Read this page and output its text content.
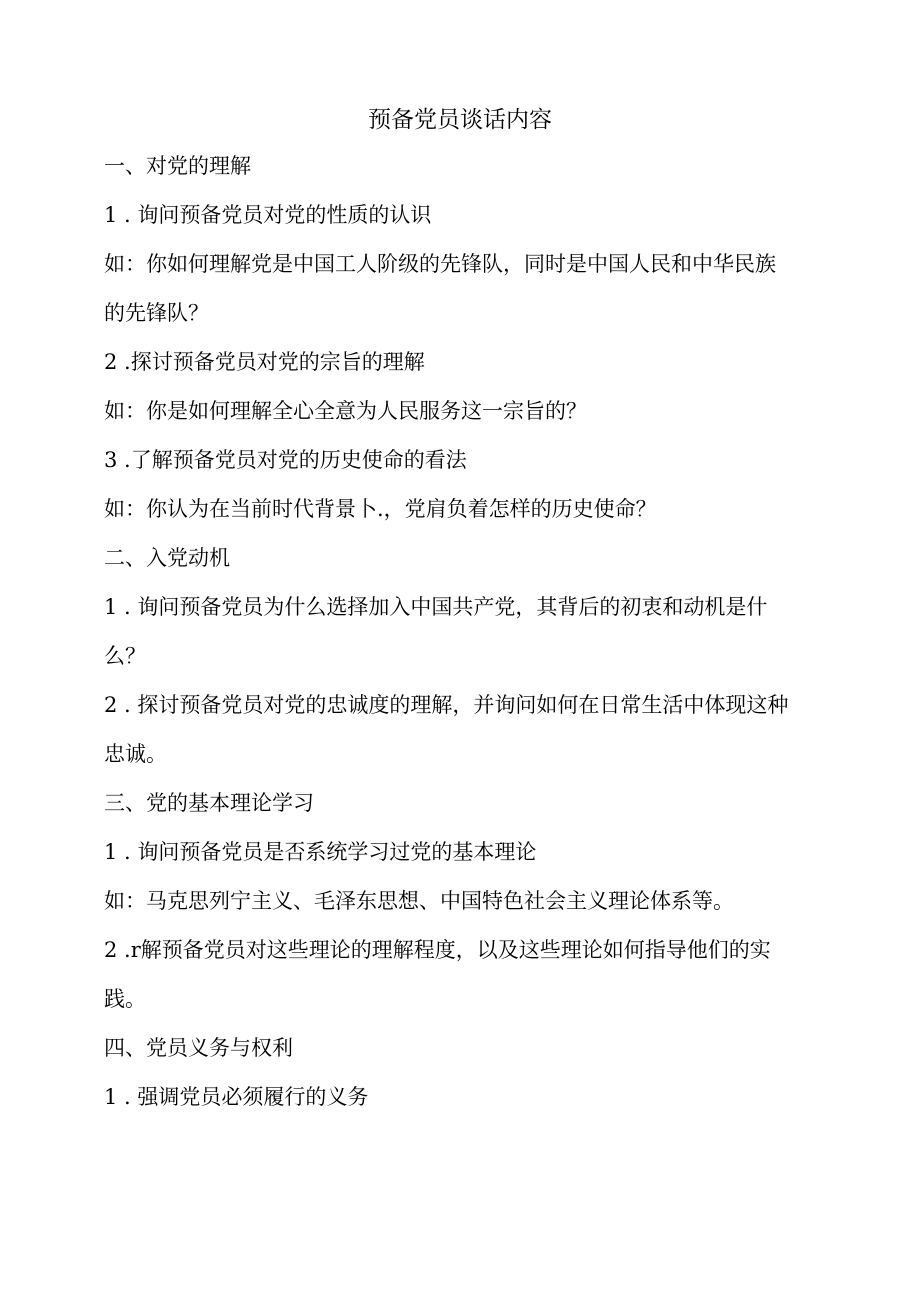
预备党员谈话内容
一、对党的理解
1 . 询问预备党员对党的性质的认识
如：你如何理解党是中国工人阶级的先锋队，同时是中国人民和中华民族
的先锋队？
2 .探讨预备党员对党的宗旨的理解
如：你是如何理解全心全意为人民服务这一宗旨的？
3 .了解预备党员对党的历史使命的看法
如：你认为在当前时代背景卜.，党肩负着怎样的历史使命？
二、入党动机
1 . 询问预备党员为什么选择加入中国共产党，其背后的初衷和动机是什
么？
2 . 探讨预备党员对党的忠诚度的理解，并询问如何在日常生活中体现这种
忠诚。
三、党的基本理论学习
1 . 询问预备党员是否系统学习过党的基本理论
如：马克思列宁主义、毛泽东思想、中国特色社会主义理论体系等。
2 .r解预备党员对这些理论的理解程度，以及这些理论如何指导他们的实
践。
四、党员义务与权利
1 . 强调党员必须履行的义务
